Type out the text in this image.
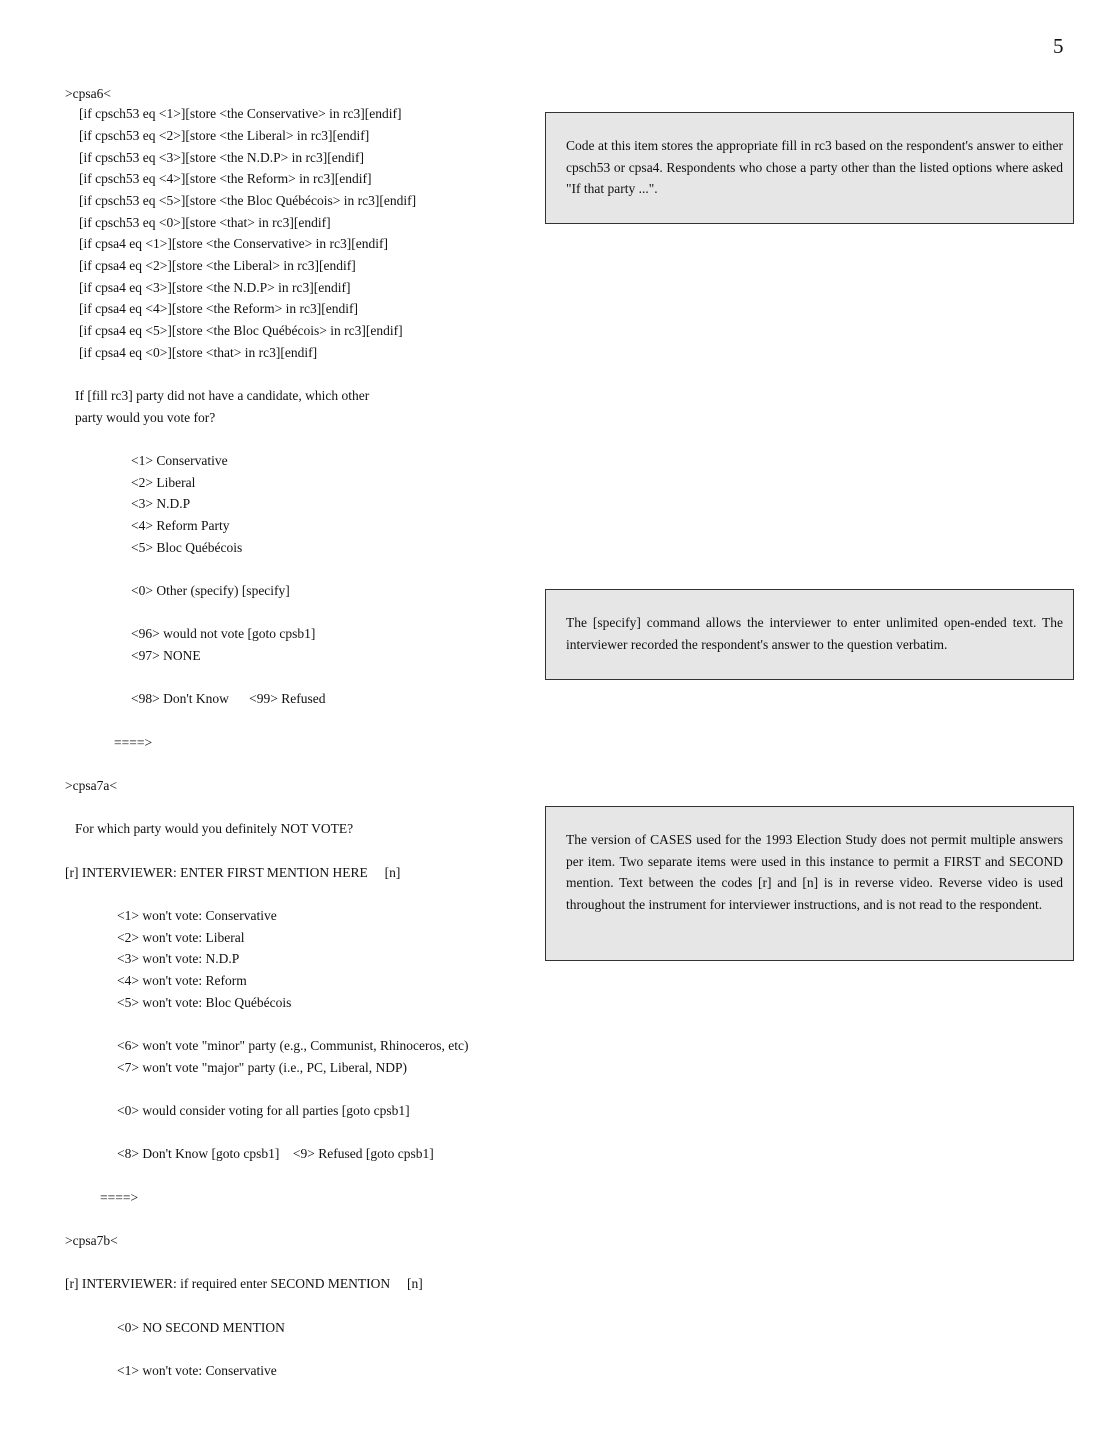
5
>cpsa6<
[if cpsch53 eq <1>][store <the Conservative> in rc3][endif]
[if cpsch53 eq <2>][store <the Liberal> in rc3][endif]
[if cpsch53 eq <3>][store <the N.D.P> in rc3][endif]
[if cpsch53 eq <4>][store <the Reform> in rc3][endif]
[if cpsch53 eq <5>][store <the Bloc Québécois> in rc3][endif]
[if cpsch53 eq <0>][store <that> in rc3][endif]
[if cpsa4 eq <1>][store <the Conservative> in rc3][endif]
[if cpsa4 eq <2>][store <the Liberal> in rc3][endif]
[if cpsa4 eq <3>][store <the N.D.P> in rc3][endif]
[if cpsa4 eq <4>][store <the Reform> in rc3][endif]
[if cpsa4 eq <5>][store <the Bloc Québécois> in rc3][endif]
[if cpsa4 eq <0>][store <that> in rc3][endif]
If [fill rc3] party did not have a candidate, which other
party would you vote for?
<1> Conservative
<2> Liberal
<3> N.D.P
<4> Reform Party
<5> Bloc Québécois
<0> Other (specify) [specify]
<96> would not vote [goto cpsb1]
<97> NONE
<98> Don't Know      <99> Refused
====>
>cpsa7a<
For which party would you definitely NOT VOTE?
[r] INTERVIEWER: ENTER FIRST MENTION HERE     [n]
<1> won't vote: Conservative
<2> won't vote: Liberal
<3> won't vote: N.D.P
<4> won't vote: Reform
<5> won't vote: Bloc Québécois
<6> won't vote "minor" party (e.g., Communist, Rhinoceros, etc)
<7> won't vote "major" party (i.e., PC, Liberal, NDP)
<0> would consider voting for all parties [goto cpsb1]
<8> Don't Know [goto cpsb1]    <9> Refused [goto cpsb1]
====>
>cpsa7b<
[r] INTERVIEWER: if required enter SECOND MENTION     [n]
<0> NO SECOND MENTION
<1> won't vote: Conservative
Code at this item stores the appropriate fill in rc3 based on the respondent's answer to either cpsch53 or cpsa4. Respondents who chose a party other than the listed options where asked "If that party ...".
The [specify] command allows the interviewer to enter unlimited open-ended text. The interviewer recorded the respondent's answer to the question verbatim.
The version of CASES used for the 1993 Election Study does not permit multiple answers per item. Two separate items were used in this instance to permit a FIRST and SECOND mention. Text between the codes [r] and [n] is in reverse video. Reverse video is used throughout the instrument for interviewer instructions, and is not read to the respondent.
